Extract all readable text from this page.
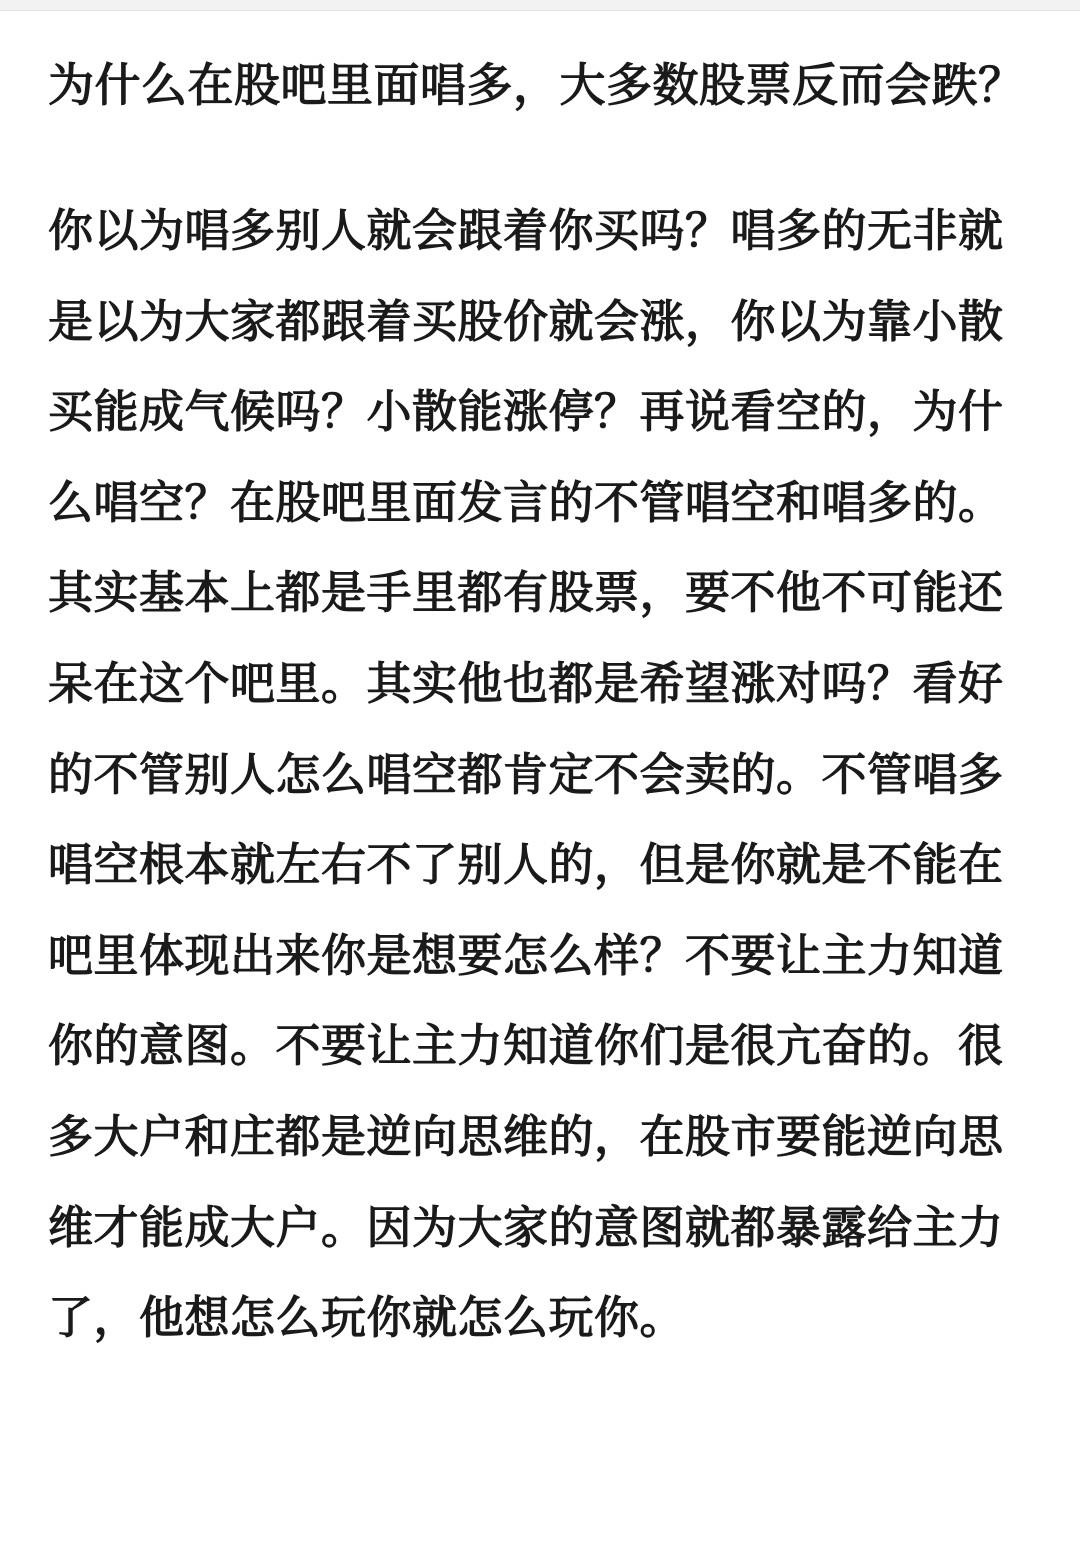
为什么在股吧里面唱多，大多数股票反而会跌？

你以为唱多别人就会跟着你买吗？唱多的无非就是以为大家都跟着买股价就会涨，你以为靠小散买能成气候吗？小散能涨停？再说看空的，为什么唱空？在股吧里面发言的不管唱空和唱多的。其实基本上都是手里都有股票，要不他不可能还呆在这个吧里。其实他也都是希望涨对吗？看好的不管别人怎么唱空都肯定不会卖的。不管唱多唱空根本就左右不了别人的，但是你就是不能在吧里体现出来你是想要怎么样？不要让主力知道你的意图。不要让主力知道你们是很亢奋的。很多大户和庄都是逆向思维的，在股市要能逆向思维才能成大户。因为大家的意图就都暴露给主力了，他想怎么玩你就怎么玩你。
